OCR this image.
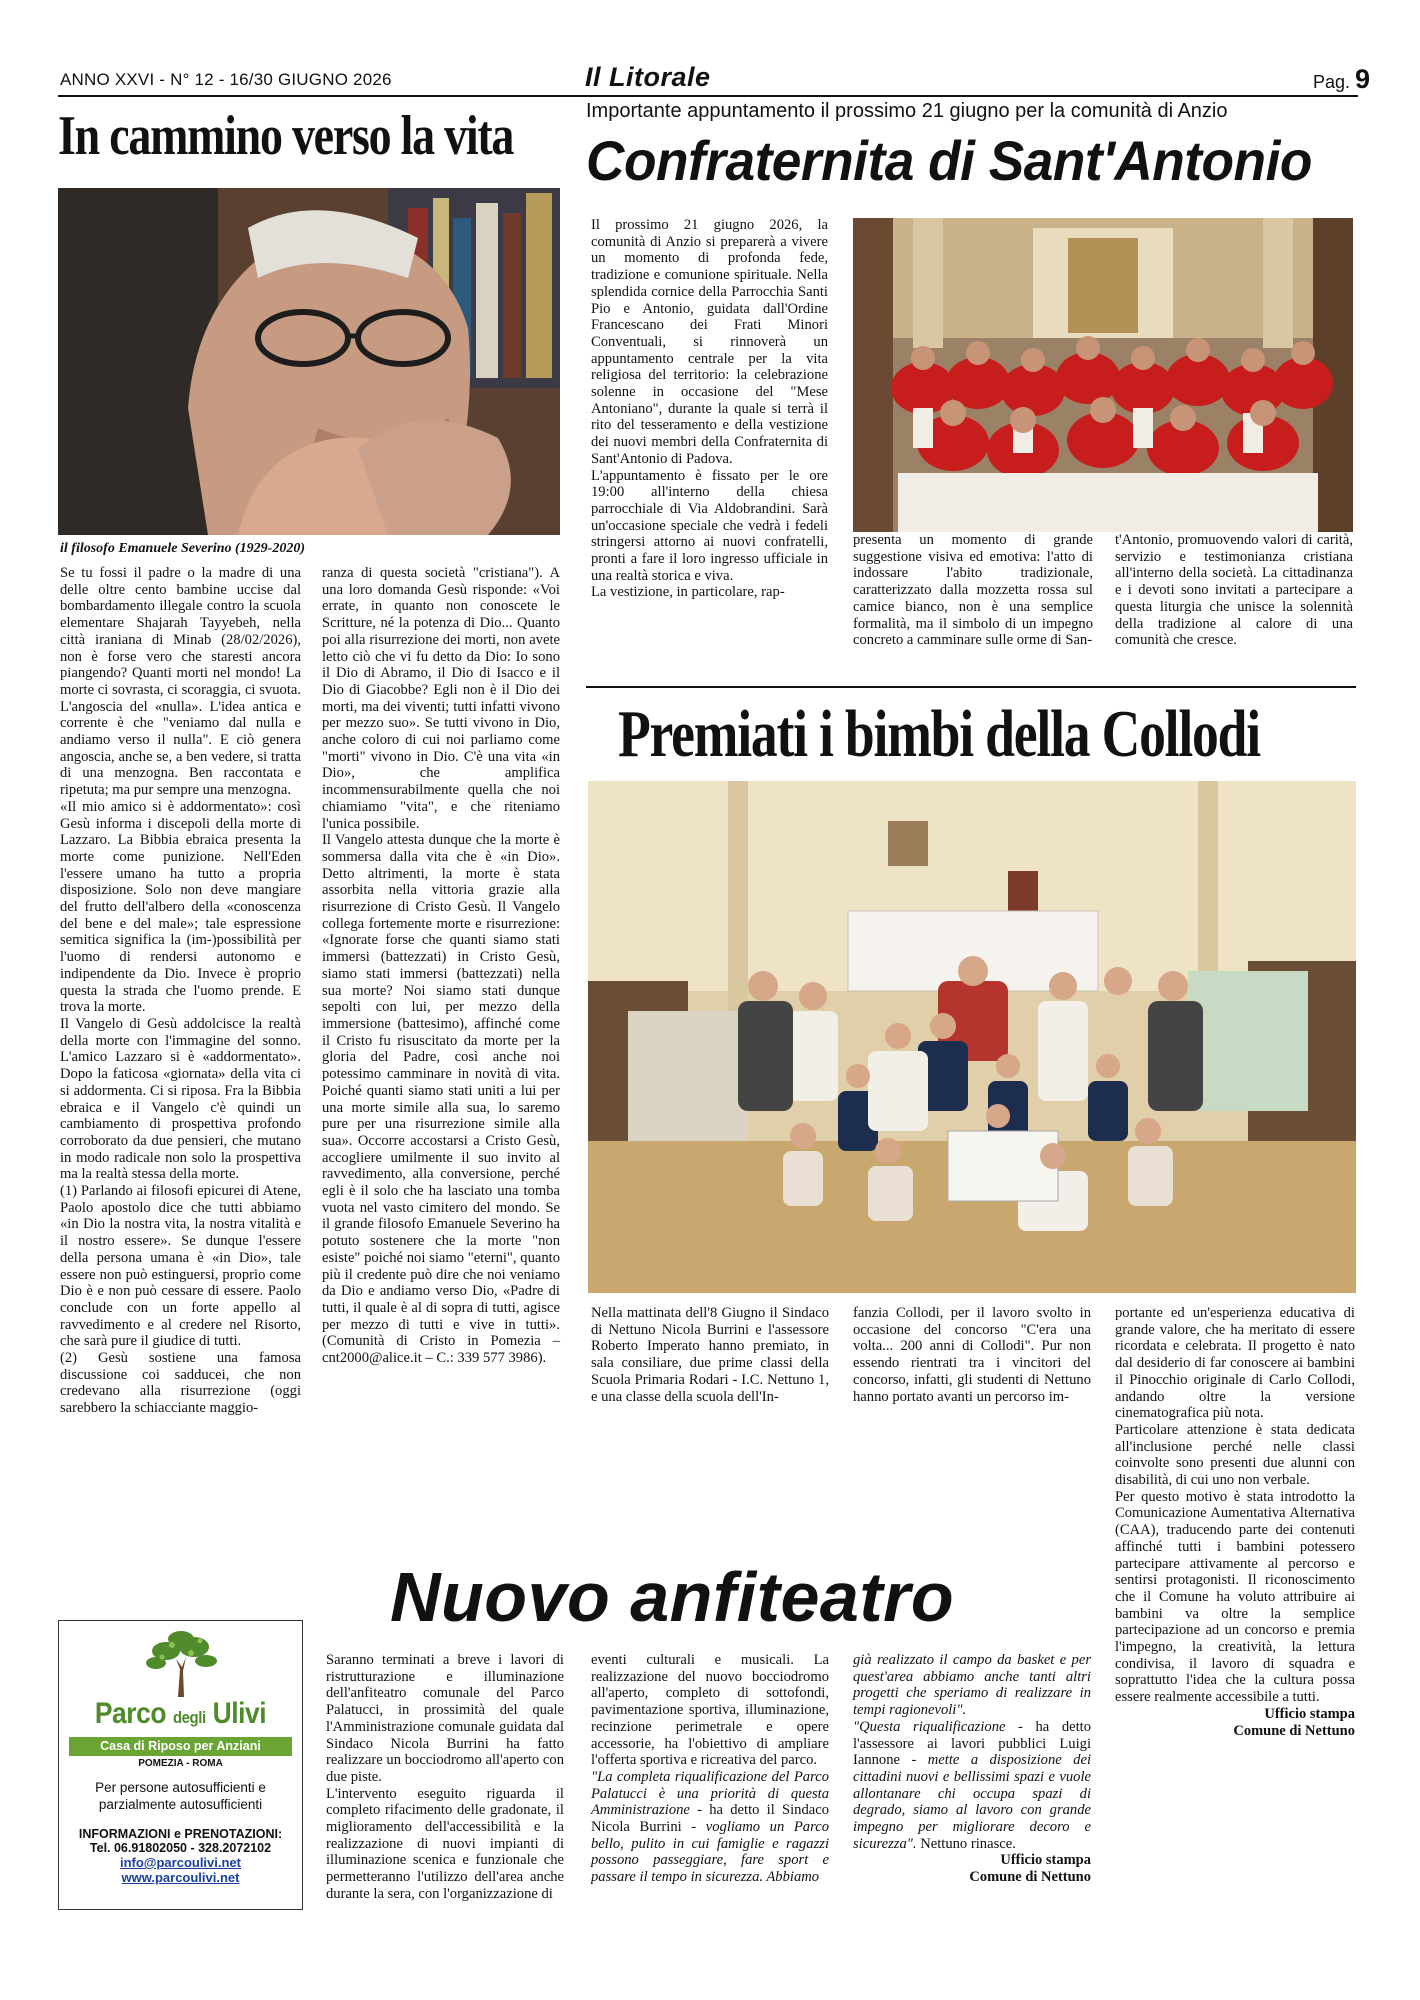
ANNO XXVI - N° 12 - 16/30 GIUGNO 2026	Il Litorale	Pag. 9
In cammino verso la vita
il filosofo Emanuele Severino (1929-2020)

Se tu fossi il padre o la madre di una delle oltre cento bambine uccise dal bombardamento illegale contro la scuola elementare Shajarah Tayyebeh, nella città iraniana di Minab (28/02/2026), non è forse vero che staresti ancora piangendo? Quanti morti nel mondo! La morte ci sovrasta, ci scoraggia, ci svuota. L'angoscia del «nulla». L'idea antica e corrente è che "veniamo dal nulla e andiamo verso il nulla". E ciò genera angoscia, anche se, a ben vedere, si tratta di una menzogna. Ben raccontata e ripetuta; ma pur sempre una menzogna.

«Il mio amico si è addormentato»: così Gesù informa i discepoli della morte di Lazzaro. La Bibbia ebraica presenta la morte come punizione. Nell'Eden l'essere umano ha tutto a propria disposizione. Solo non deve mangiare del frutto dell'albero della «conoscenza del bene e del male»; tale espressione semitica significa la (im-)possibilità per l'uomo di rendersi autonomo e indipendente da Dio. Invece è proprio questa la strada che l'uomo prende. E trova la morte.

Il Vangelo di Gesù addolcisce la realtà della morte con l'immagine del sonno. L'amico Lazzaro si è «addormentato». Dopo la faticosa «giornata» della vita ci si addormenta. Ci si riposa. Fra la Bibbia ebraica e il Vangelo c'è quindi un cambiamento di prospettiva profondo corroborato da due pensieri, che mutano in modo radicale non solo la prospettiva ma la realtà stessa della morte.

(1) Parlando ai filosofi epicurei di Atene, Paolo apostolo dice che tutti abbiamo «in Dio la nostra vita, la nostra vitalità e il nostro essere». Se dunque l'essere della persona umana è «in Dio», tale essere non può estinguersi, proprio come Dio è e non può cessare di essere. Paolo conclude con un forte appello al ravvedimento e al credere nel Risorto, che sarà pure il giudice di tutti.

(2) Gesù sostiene una famosa discussione coi sadducei, che non credevano alla risurrezione (oggi sarebbero la schiacciante maggio-

ranza di questa società "cristiana"). A una loro domanda Gesù risponde: «Voi errate, in quanto non conoscete le Scritture, né la potenza di Dio... Quanto poi alla risurrezione dei morti, non avete letto ciò che vi fu detto da Dio: Io sono il Dio di Abramo, il Dio di Isacco e il Dio di Giacobbe? Egli non è il Dio dei morti, ma dei viventi; tutti infatti vivono per mezzo suo». Se tutti vivono in Dio, anche coloro di cui noi parliamo come "morti" vivono in Dio. C'è una vita «in Dio», che amplifica incommensurabilmente quella che noi chiamiamo "vita", e che riteniamo l'unica possibile.

Il Vangelo attesta dunque che la morte è sommersa dalla vita che è «in Dio». Detto altrimenti, la morte è stata assorbita nella vittoria grazie alla risurrezione di Cristo Gesù. Il Vangelo collega fortemente morte e risurrezione: «Ignorate forse che quanti siamo stati immersi (battezzati) in Cristo Gesù, siamo stati immersi (battezzati) nella sua morte? Noi siamo stati dunque sepolti con lui, per mezzo della immersione (battesimo), affinché come il Cristo fu risuscitato da morte per la gloria del Padre, così anche noi potessimo camminare in novità di vita. Poiché quanti siamo stati uniti a lui per una morte simile alla sua, lo saremo pure per una risurrezione simile alla sua». Occorre accostarsi a Cristo Gesù, accogliere umilmente il suo invito al ravvedimento, alla conversione, perché egli è il solo che ha lasciato una tomba vuota nel vasto cimitero del mondo. Se il grande filosofo Emanuele Severino ha potuto sostenere che la morte "non esiste" poiché noi siamo "eterni", quanto più il credente può dire che noi veniamo da Dio e andiamo verso Dio, «Padre di tutti, il quale è al di sopra di tutti, agisce per mezzo di tutti e vive in tutti». (Comunità di Cristo in Pomezia – cnt2000@alice.it – C.: 339 577 3986).

Importante appuntamento il prossimo 21 giugno per la comunità di Anzio
Confraternita di Sant'Antonio

Il prossimo 21 giugno 2026, la comunità di Anzio si preparerà a vivere un momento di profonda fede, tradizione e comunione spirituale. Nella splendida cornice della Parrocchia Santi Pio e Antonio, guidata dall'Ordine Francescano dei Frati Minori Conventuali, si rinnoverà un appuntamento centrale per la vita religiosa del territorio: la celebrazione solenne in occasione del "Mese Antoniano", durante la quale si terrà il rito del tesseramento e della vestizione dei nuovi membri della Confraternita di Sant'Antonio di Padova.

L'appuntamento è fissato per le ore 19:00 all'interno della chiesa parrocchiale di Via Aldobrandini. Sarà un'occasione speciale che vedrà i fedeli stringersi attorno ai nuovi confratelli, pronti a fare il loro ingresso ufficiale in una realtà storica e viva.

La vestizione, in particolare, rap-

presenta un momento di grande suggestione visiva ed emotiva: l'atto di indossare l'abito tradizionale, caratterizzato dalla mozzetta rossa sul camice bianco, non è una semplice formalità, ma il simbolo di un impegno concreto a camminare sulle orme di San-

t'Antonio, promuovendo valori di carità, servizio e testimonianza cristiana all'interno della società. La cittadinanza e i devoti sono invitati a partecipare a questa liturgia che unisce la solennità della tradizione al calore di una comunità che cresce.

Premiati i bimbi della Collodi

Nella mattinata dell'8 Giugno il Sindaco di Nettuno Nicola Burrini e l'assessore Roberto Imperato hanno premiato, in sala consiliare, due prime classi della Scuola Primaria Rodari - I.C. Nettuno 1, e una classe della scuola dell'In-

fanzia Collodi, per il lavoro svolto in occasione del concorso "C'era una volta... 200 anni di Collodi". Pur non essendo rientrati tra i vincitori del concorso, infatti, gli studenti di Nettuno hanno portato avanti un percorso im-

portante ed un'esperienza educativa di grande valore, che ha meritato di essere ricordata e celebrata. Il progetto è nato dal desiderio di far conoscere ai bambini il Pinocchio originale di Carlo Collodi, andando oltre la versione cinematografica più nota.

Particolare attenzione è stata dedicata all'inclusione perché nelle classi coinvolte sono presenti due alunni con disabilità, di cui uno non verbale.

Per questo motivo è stata introdotto la Comunicazione Aumentativa Alternativa (CAA), traducendo parte dei contenuti affinché tutti i bambini potessero partecipare attivamente al percorso e sentirsi protagonisti. Il riconoscimento che il Comune ha voluto attribuire ai bambini va oltre la semplice partecipazione ad un concorso e premia l'impegno, la creatività, la lettura condivisa, il lavoro di squadra e soprattutto l'idea che la cultura possa essere realmente accessibile a tutti.

Ufficio stampa
Comune di Nettuno
Nuovo anfiteatro

Saranno terminati a breve i lavori di ristrutturazione e illuminazione dell'anfiteatro comunale del Parco Palatucci, in prossimità del quale l'Amministrazione comunale guidata dal Sindaco Nicola Burrini ha fatto realizzare un bocciodromo all'aperto con due piste.

L'intervento eseguito riguarda il completo rifacimento delle gradonate, il miglioramento dell'accessibilità e la realizzazione di nuovi impianti di illuminazione scenica e funzionale che permetteranno l'utilizzo dell'area anche durante la sera, con l'organizzazione di

eventi culturali e musicali. La realizzazione del nuovo bocciodromo all'aperto, completo di sottofondi, pavimentazione sportiva, illuminazione, recinzione perimetrale e opere accessorie, ha l'obiettivo di ampliare l'offerta sportiva e ricreativa del parco.

"La completa riqualificazione del Parco Palatucci è una priorità di questa Amministrazione - ha detto il Sindaco Nicola Burrini - vogliamo un Parco bello, pulito in cui famiglie e ragazzi possono passeggiare, fare sport e passare il tempo in sicurezza. Abbiamo

già realizzato il campo da basket e per quest'area abbiamo anche tanti altri progetti che speriamo di realizzare in tempi ragionevoli".

"Questa riqualificazione - ha detto l'assessore ai lavori pubblici Luigi Iannone - mette a disposizione dei cittadini nuovi e bellissimi spazi e vuole allontanare chi occupa spazi di degrado, siamo al lavoro con grande impegno per migliorare decoro e sicurezza". Nettuno rinasce.

Ufficio stampa
Comune di Nettuno
Parco degli Ulivi
Casa di Riposo per Anziani
POMEZIA - ROMA
Per persone autosufficienti e parzialmente autosufficienti
INFORMAZIONI e PRENOTAZIONI:
Tel. 06.91802050 - 328.2072102
info@parcoulivi.net
www.parcoulivi.net
